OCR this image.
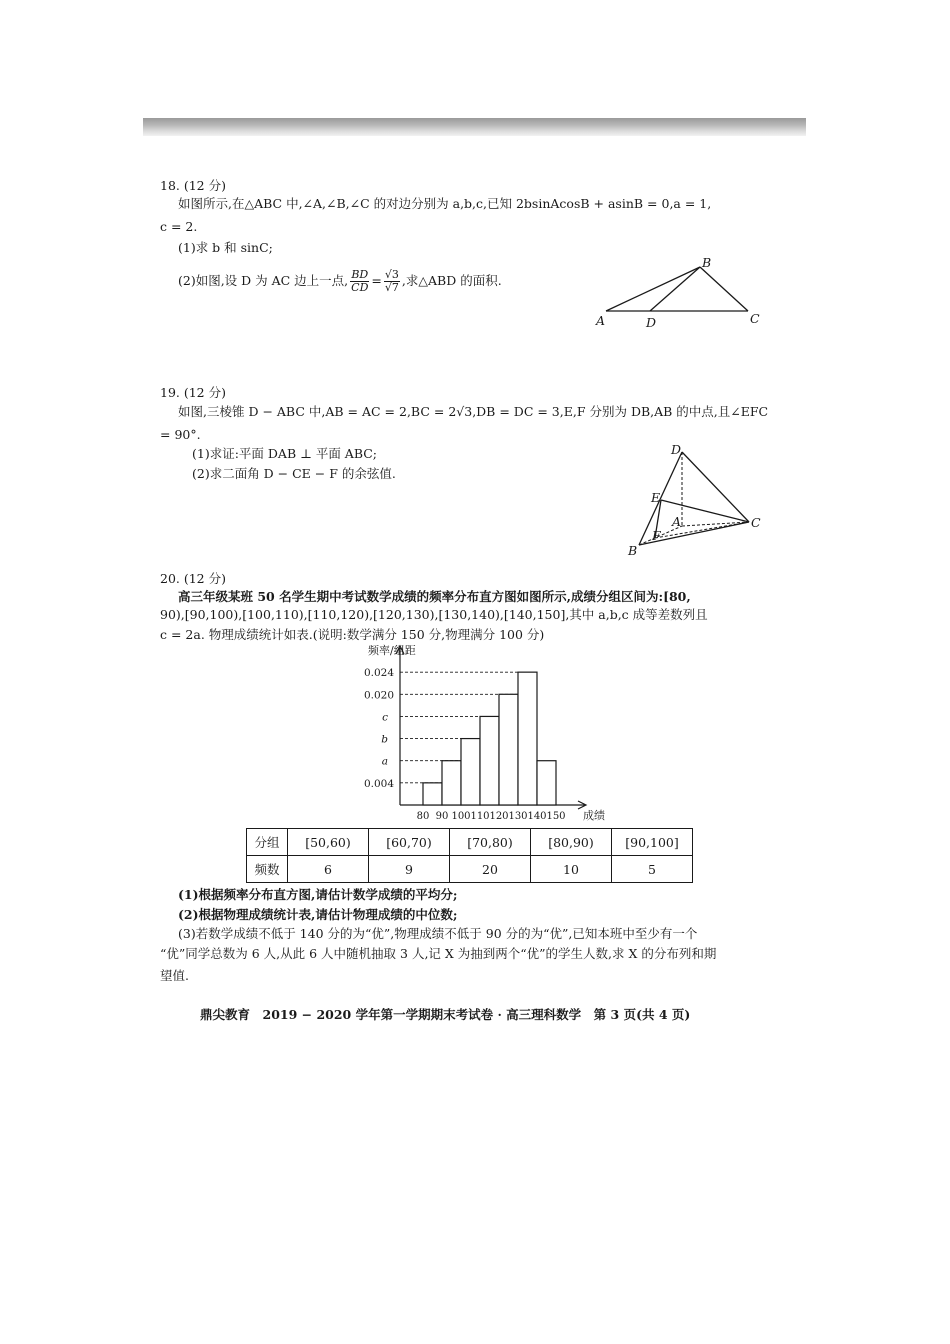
18. (12 分)
如图所示,在△ABC 中,∠A,∠B,∠C 的对边分别为 a,b,c,已知 2bsinAcosB + asinB = 0,a = 1,
c = 2.
(1)求 b 和 sinC;
(2)如图,设 D 为 AC 边上一点, $\frac{BD}{CD} = \frac{√3}{√7}$ ,求△ABD 的面积.
A	D
B
C
19. (12 分)
如图,三棱锥 D − ABC 中,AB = AC = 2,BC = 2√3,DB = DC = 3,E,F 分别为 DB,AB 的中点,且∠EFC
= 90°.
(1)求证:平面 DAB ⊥ 平面 ABC;
(2)求二面角 D − CE − F 的余弦值.
D
E
A	C
F
B
20. (12 分)
高三年级某班 50 名学生期中考试数学成绩的频率分布直方图如图所示,成绩分组区间为:[80,
90),[90,100),[100,110),[110,120),[120,130),[130,140),[140,150],其中 a,b,c 成等差数列且
c = 2a. 物理成绩统计如表.(说明:数学满分 150 分,物理满分 100 分)
频率/组距
成绩
0.004
a
b
c
0.020
0.024
80 90 100 110 120 130 140 150
分组	[50,60)	[60,70)	[70,80)	[80,90)	[90,100]
频数	6	9	20	10	5
(1)根据频率分布直方图,请估计数学成绩的平均分;
(2)根据物理成绩统计表,请估计物理成绩的中位数;
(3)若数学成绩不低于 140 分的为“优”,物理成绩不低于 90 分的为“优”,已知本班中至少有一个
“优”同学总数为 6 人,从此 6 人中随机抽取 3 人,记 X 为抽到两个“优”的学生人数,求 X 的分布列和期
望值.
鼎尖教育　2019 − 2020 学年第一学期期末考试卷 · 高三理科数学　第 3 页(共 4 页)
